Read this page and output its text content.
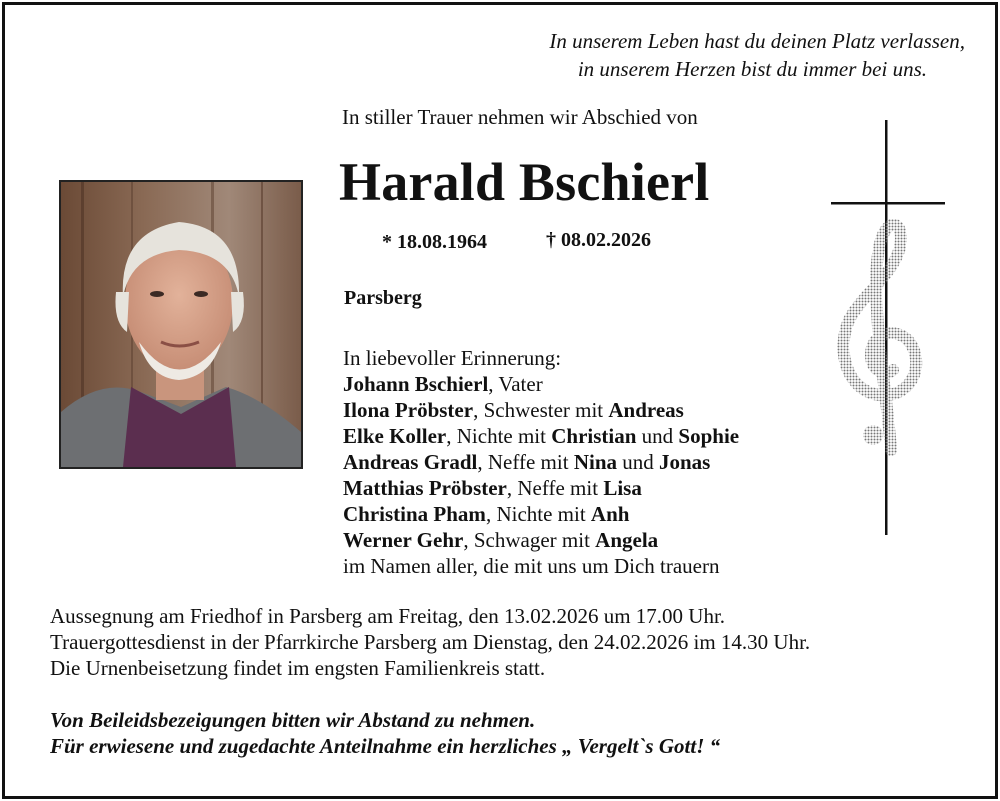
In unserem Leben hast du deinen Platz verlassen,
in unserem Herzen bist du immer bei uns.
In stiller Trauer nehmen wir Abschied von
Harald Bschierl
* 18.08.1964	† 08.02.2026
Parsberg
In liebevoller Erinnerung:
Johann Bschierl, Vater
Ilona Pröbster, Schwester mit Andreas
Elke Koller, Nichte mit Christian und Sophie
Andreas Gradl, Neffe mit Nina und Jonas
Matthias Pröbster, Neffe mit Lisa
Christina Pham, Nichte mit Anh
Werner Gehr, Schwager mit Angela
im Namen aller, die mit uns um Dich trauern
Aussegnung am Friedhof in Parsberg am Freitag, den 13.02.2026 um 17.00 Uhr.
Trauergottesdienst in der Pfarrkirche Parsberg am Dienstag, den 24.02.2026 im 14.30 Uhr.
Die Urnenbeisetzung findet im engsten Familienkreis statt.
Von Beileidsbezeigungen bitten wir Abstand zu nehmen.
Für erwiesene und zugedachte Anteilnahme ein herzliches „ Vergelt`s Gott! “
